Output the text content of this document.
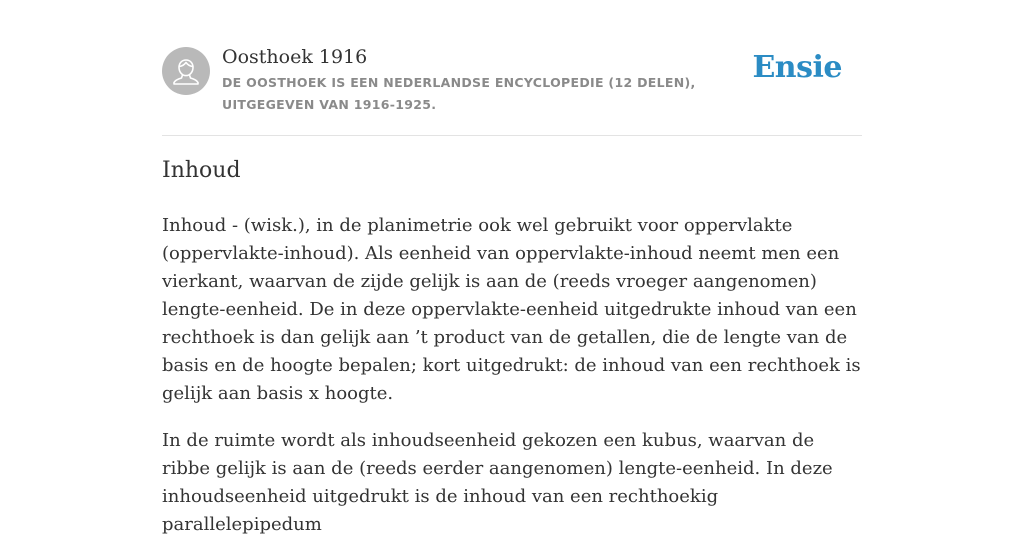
Oosthoek 1916
DE OOSTHOEK IS EEN NEDERLANDSE ENCYCLOPEDIE (12 DELEN), UITGEGEVEN VAN 1916-1925.
Ensie
Inhoud

Inhoud - (wisk.), in de planimetrie ook wel gebruikt voor oppervlakte (oppervlakte-inhoud). Als eenheid van oppervlakte-inhoud neemt men een vierkant, waarvan de zijde gelijk is aan de (reeds vroeger aangenomen) lengte-eenheid. De in deze oppervlakte-eenheid uitgedrukte inhoud van een rechthoek is dan gelijk aan ’t product van de getallen, die de lengte van de basis en de hoogte bepalen; kort uitgedrukt: de inhoud van een rechthoek is gelijk aan basis x hoogte.

In de ruimte wordt als inhoudseenheid gekozen een kubus, waarvan de ribbe gelijk is aan de (reeds eerder aangenomen) lengte-eenheid. In deze inhoudseenheid uitgedrukt is de inhoud van een rechthoekig parallelepipedum
